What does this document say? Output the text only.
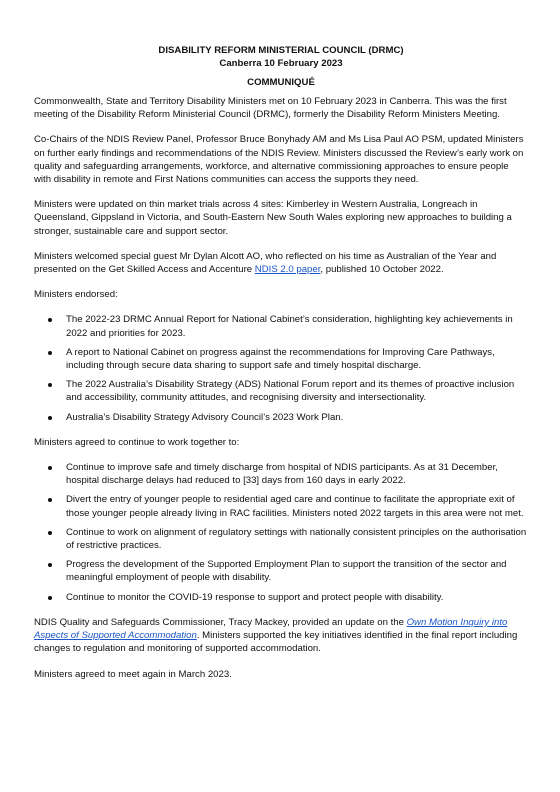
DISABILITY REFORM MINISTERIAL COUNCIL (DRMC)
Canberra 10 February 2023
COMMUNIQUÉ

Commonwealth, State and Territory Disability Ministers met on 10 February 2023 in Canberra. This was the first meeting of the Disability Reform Ministerial Council (DRMC), formerly the Disability Reform Ministers Meeting.

Co-Chairs of the NDIS Review Panel, Professor Bruce Bonyhady AM and Ms Lisa Paul AO PSM, updated Ministers on further early findings and recommendations of the NDIS Review. Ministers discussed the Review’s early work on quality and safeguarding arrangements, workforce, and alternative commissioning approaches to ensure people with disability in remote and First Nations communities can access the supports they need.

Ministers were updated on thin market trials across 4 sites: Kimberley in Western Australia, Longreach in Queensland, Gippsland in Victoria, and South-Eastern New South Wales exploring new approaches to building a stronger, sustainable care and support sector.

Ministers welcomed special guest Mr Dylan Alcott AO, who reflected on his time as Australian of the Year and presented on the Get Skilled Access and Accenture NDIS 2.0 paper, published 10 October 2022.

Ministers endorsed:

The 2022-23 DRMC Annual Report for National Cabinet’s consideration, highlighting key achievements in 2022 and priorities for 2023.
A report to National Cabinet on progress against the recommendations for Improving Care Pathways, including through secure data sharing to support safe and timely hospital discharge.
The 2022 Australia’s Disability Strategy (ADS) National Forum report and its themes of proactive inclusion and accessibility, community attitudes, and recognising diversity and intersectionality.
Australia’s Disability Strategy Advisory Council’s 2023 Work Plan.

Ministers agreed to continue to work together to:

Continue to improve safe and timely discharge from hospital of NDIS participants. As at 31 December, hospital discharge delays had reduced to [33] days from 160 days in early 2022.
Divert the entry of younger people to residential aged care and continue to facilitate the appropriate exit of those younger people already living in RAC facilities. Ministers noted 2022 targets in this area were not met.
Continue to work on alignment of regulatory settings with nationally consistent principles on the authorisation of restrictive practices.
Progress the development of the Supported Employment Plan to support the transition of the sector and meaningful employment of people with disability.
Continue to monitor the COVID-19 response to support and protect people with disability.

NDIS Quality and Safeguards Commissioner, Tracy Mackey, provided an update on the Own Motion Inquiry into Aspects of Supported Accommodation. Ministers supported the key initiatives identified in the final report including changes to regulation and monitoring of supported accommodation.

Ministers agreed to meet again in March 2023.
